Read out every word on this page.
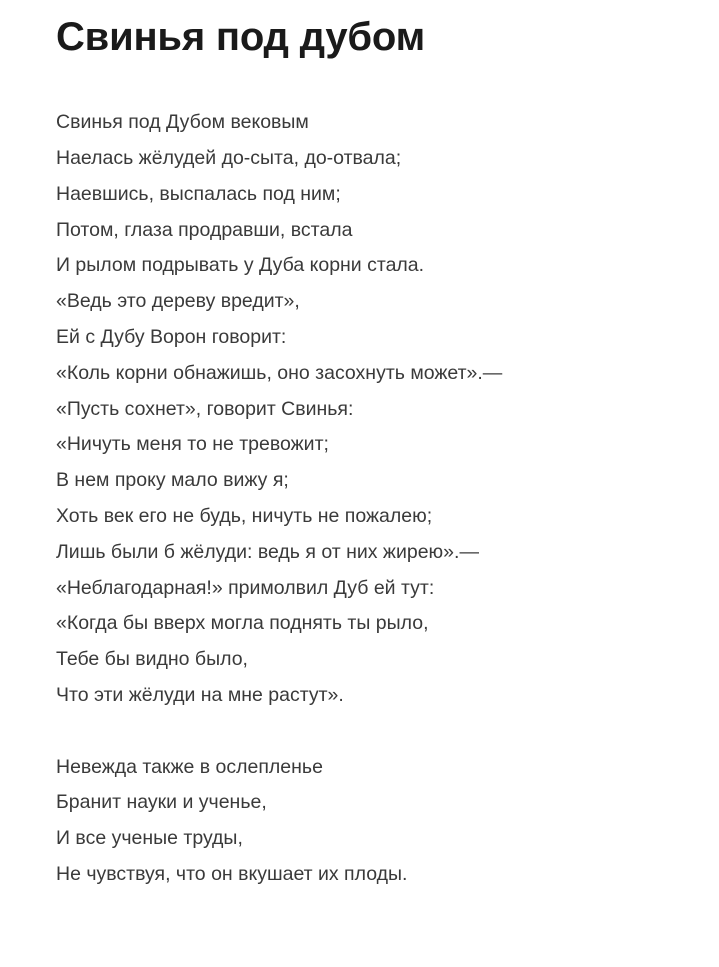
Свинья под дубом
Свинья под Дубом вековым
Наелась жёлудей до-сыта, до-отвала;
Наевшись, выспалась под ним;
Потом, глаза продравши, встала
И рылом подрывать у Дуба корни стала.
«Ведь это дереву вредит»,
Ей с Дубу Ворон говорит:
«Коль корни обнажишь, оно засохнуть может».—
«Пусть сохнет», говорит Свинья:
«Ничуть меня то не тревожит;
В нем проку мало вижу я;
Хоть век его не будь, ничуть не пожалею;
Лишь были б жёлуди: ведь я от них жирею».—
«Неблагодарная!» примолвил Дуб ей тут:
«Когда бы вверх могла поднять ты рыло,
Тебе бы видно было,
Что эти жёлуди на мне растут».
Невежда также в ослепленье
Бранит науки и ученье,
И все ученые труды,
Не чувствуя, что он вкушает их плоды.
